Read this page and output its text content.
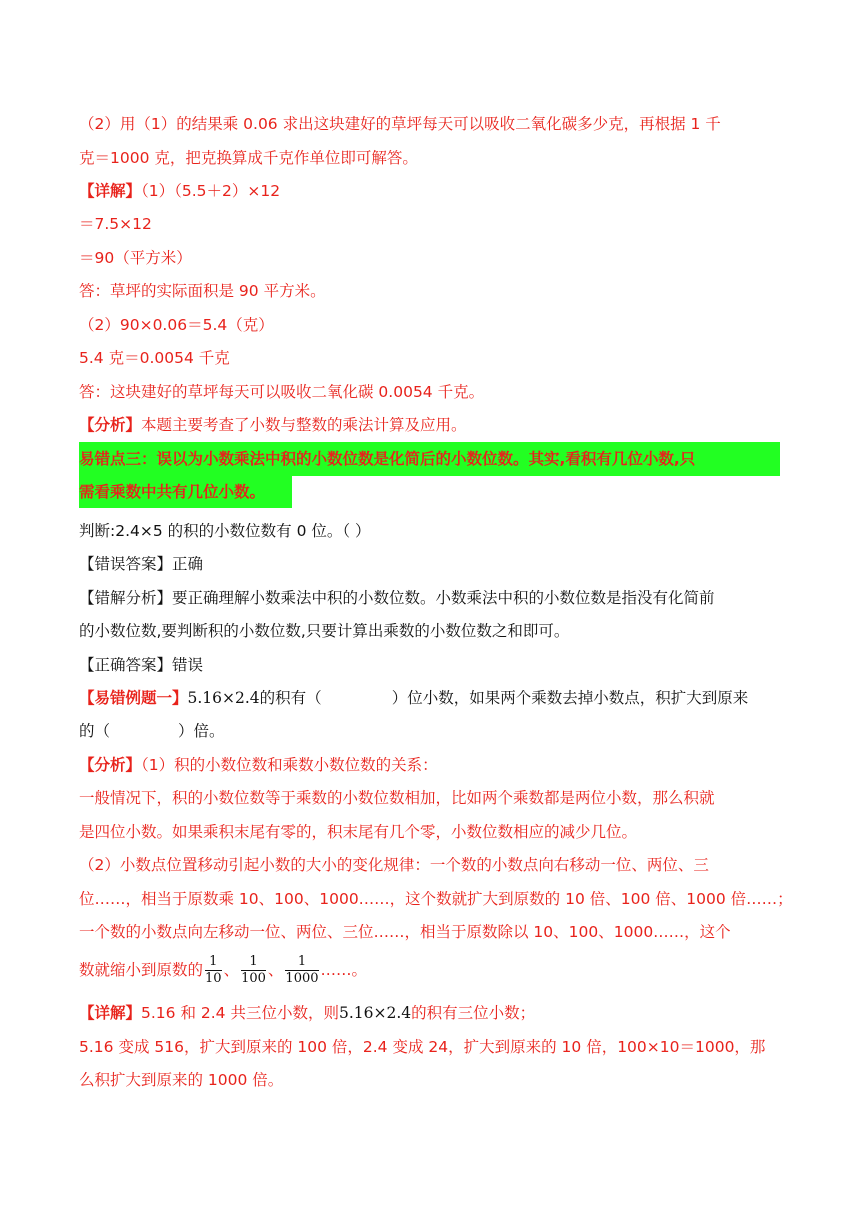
（2）用（1）的结果乘 0.06 求出这块建好的草坪每天可以吸收二氧化碳多少克，再根据 1 千
克＝1000 克，把克换算成千克作单位即可解答。
【详解】（1）（5.5＋2）×12
＝7.5×12
＝90（平方米）
答：草坪的实际面积是 90 平方米。
（2）90×0.06＝5.4（克）
5.4 克＝0.0054 千克
答：这块建好的草坪每天可以吸收二氧化碳 0.0054 千克。
【分析】本题主要考查了小数与整数的乘法计算及应用。
易错点三：误以为小数乘法中积的小数位数是化简后的小数位数。其实,看积有几位小数,只
需看乘数中共有几位小数。
判断:2.4×5 的积的小数位数有 0 位。（ ）
【错误答案】正确
【错解分析】要正确理解小数乘法中积的小数位数。小数乘法中积的小数位数是指没有化简前
的小数位数,要判断积的小数位数,只要计算出乘数的小数位数之和即可。
【正确答案】错误
【易错例题一】5.16×2.4的积有（	）位小数，如果两个乘数去掉小数点，积扩大到原来
的（	）倍。
【分析】（1）积的小数位数和乘数小数位数的关系：
一般情况下，积的小数位数等于乘数的小数位数相加，比如两个乘数都是两位小数，那么积就
是四位小数。如果乘积末尾有零的，积末尾有几个零，小数位数相应的减少几位。
（2）小数点位置移动引起小数的大小的变化规律：一个数的小数点向右移动一位、两位、三
位……，相当于原数乘 10、100、1000……，这个数就扩大到原数的 10 倍、100 倍、1000 倍……；
一个数的小数点向左移动一位、两位、三位……，相当于原数除以 10、100、1000……，这个
数就缩小到原数的 $\frac{1}{10}$ 、 $\frac{1}{100}$ 、 $\frac{1}{1000}$ ……。
【详解】5.16 和 2.4 共三位小数，则5.16×2.4的积有三位小数；
5.16 变成 516，扩大到原来的 100 倍，2.4 变成 24，扩大到原来的 10 倍，100×10＝1000，那
么积扩大到原来的 1000 倍。
